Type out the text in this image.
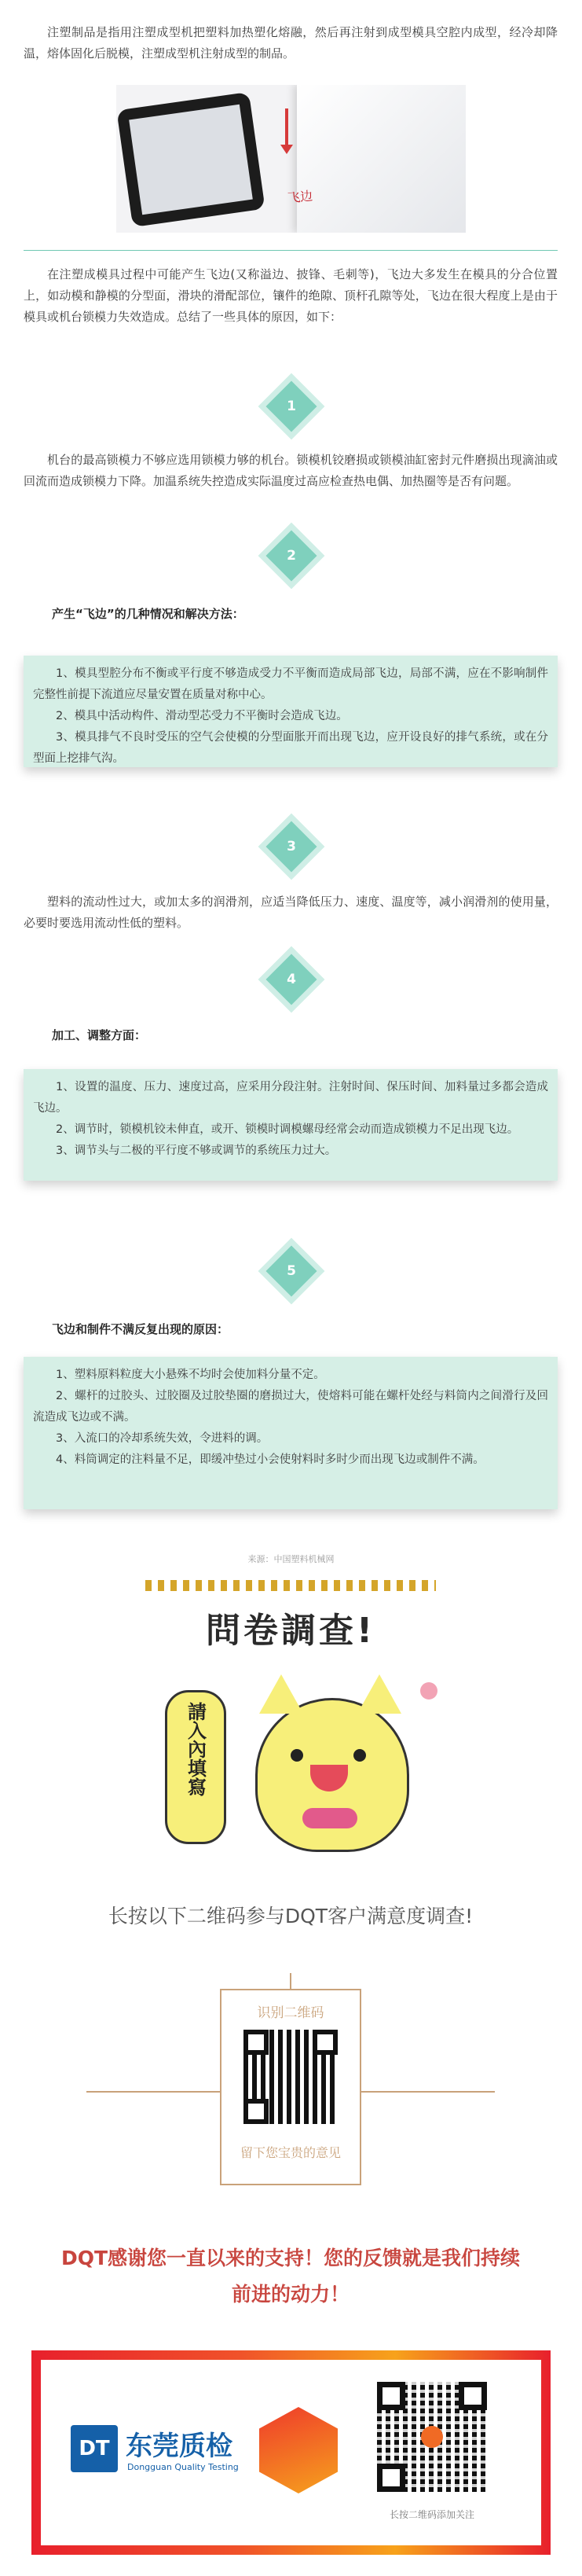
注塑制品是指用注塑成型机把塑料加热塑化熔融，然后再注射到成型模具空腔内成型，经冷却降温，熔体固化后脱模，注塑成型机注射成型的制品。

飞边

在注塑成模具过程中可能产生飞边(又称溢边、披锋、毛刺等)，飞边大多发生在模具的分合位置上，如动模和静模的分型面，滑块的滑配部位，镶件的绝隙、顶杆孔隙等处，飞边在很大程度上是由于模具或机台锁模力失效造成。总结了一些具体的原因，如下：

1

机台的最高锁模力不够应选用锁模力够的机台。锁模机铰磨损或锁模油缸密封元件磨损出现滴油或回流而造成锁模力下降。加温系统失控造成实际温度过高应检查热电偶、加热圈等是否有问题。

2
产生“飞边”的几种情况和解决方法：

1、模具型腔分布不衡或平行度不够造成受力不平衡而造成局部飞边，局部不满，应在不影响制件完整性前提下流道应尽量安置在质量对称中心。

2、模具中活动构件、滑动型芯受力不平衡时会造成飞边。

3、模具排气不良时受压的空气会使模的分型面胀开而出现飞边，应开设良好的排气系统，或在分型面上挖排气沟。

3

塑料的流动性过大，或加太多的润滑剂，应适当降低压力、速度、温度等，减小润滑剂的使用量，必要时要选用流动性低的塑料。

4
加工、调整方面：

1、设置的温度、压力、速度过高，应采用分段注射。注射时间、保压时间、加料量过多都会造成飞边。

2、调节时，锁模机铰未伸直，或开、锁模时调模螺母经常会动而造成锁模力不足出现飞边。

3、调节头与二极的平行度不够或调节的系统压力过大。

5
飞边和制件不满反复出现的原因：

1、塑料原料粒度大小悬殊不均时会使加料分量不定。

2、螺杆的过胶头、过胶圈及过胶垫圈的磨损过大，使熔料可能在螺杆处经与料筒内之间滑行及回流造成飞边或不满。

3、入流口的冷却系统失效，令进料的调。

4、料筒调定的注料量不足，即缓冲垫过小会使射料时多时少而出现飞边或制件不满。

来源：中国塑料机械网
問卷調查!
請入內填寫
长按以下二维码参与DQT客户满意度调查!
识别二维码
留下您宝贵的意见
DQT感谢您一直以来的支持！您的反馈就是我们持续前进的动力！
DT 东莞质检
Dongguan Quality Testing
长按二维码添加关注
